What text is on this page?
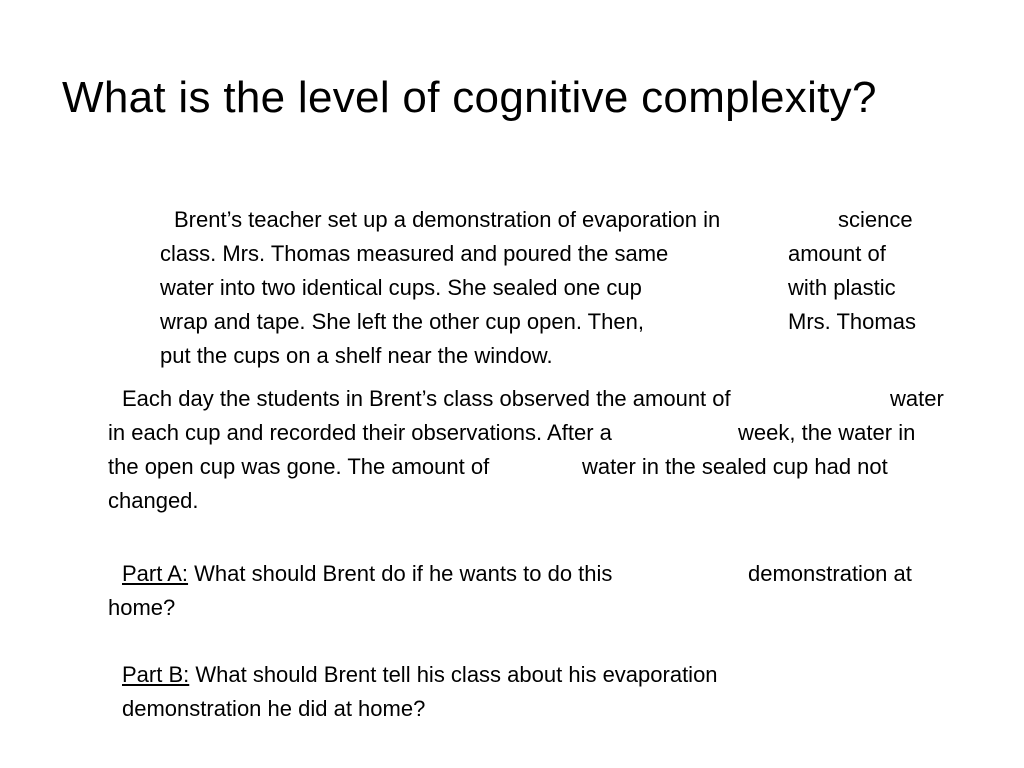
What is the level of cognitive complexity?

Brent’s teacher set up a demonstration of evaporation in	science

class. Mrs. Thomas measured and poured the same	amount of

water into two identical cups. She sealed one cup	with plastic

wrap and tape. She left the other cup open. Then,	Mrs. Thomas

put the cups on a shelf near the window.

Each day the students in Brent’s class observed the amount of	water

in each cup and recorded their observations. After a	week, the water in

the open cup was gone. The amount of	water in the sealed cup had not

changed.

Part A: What should Brent do if he wants to do this	demonstration at

home?

Part B: What should Brent tell his class about his evaporation

demonstration he did at home?
